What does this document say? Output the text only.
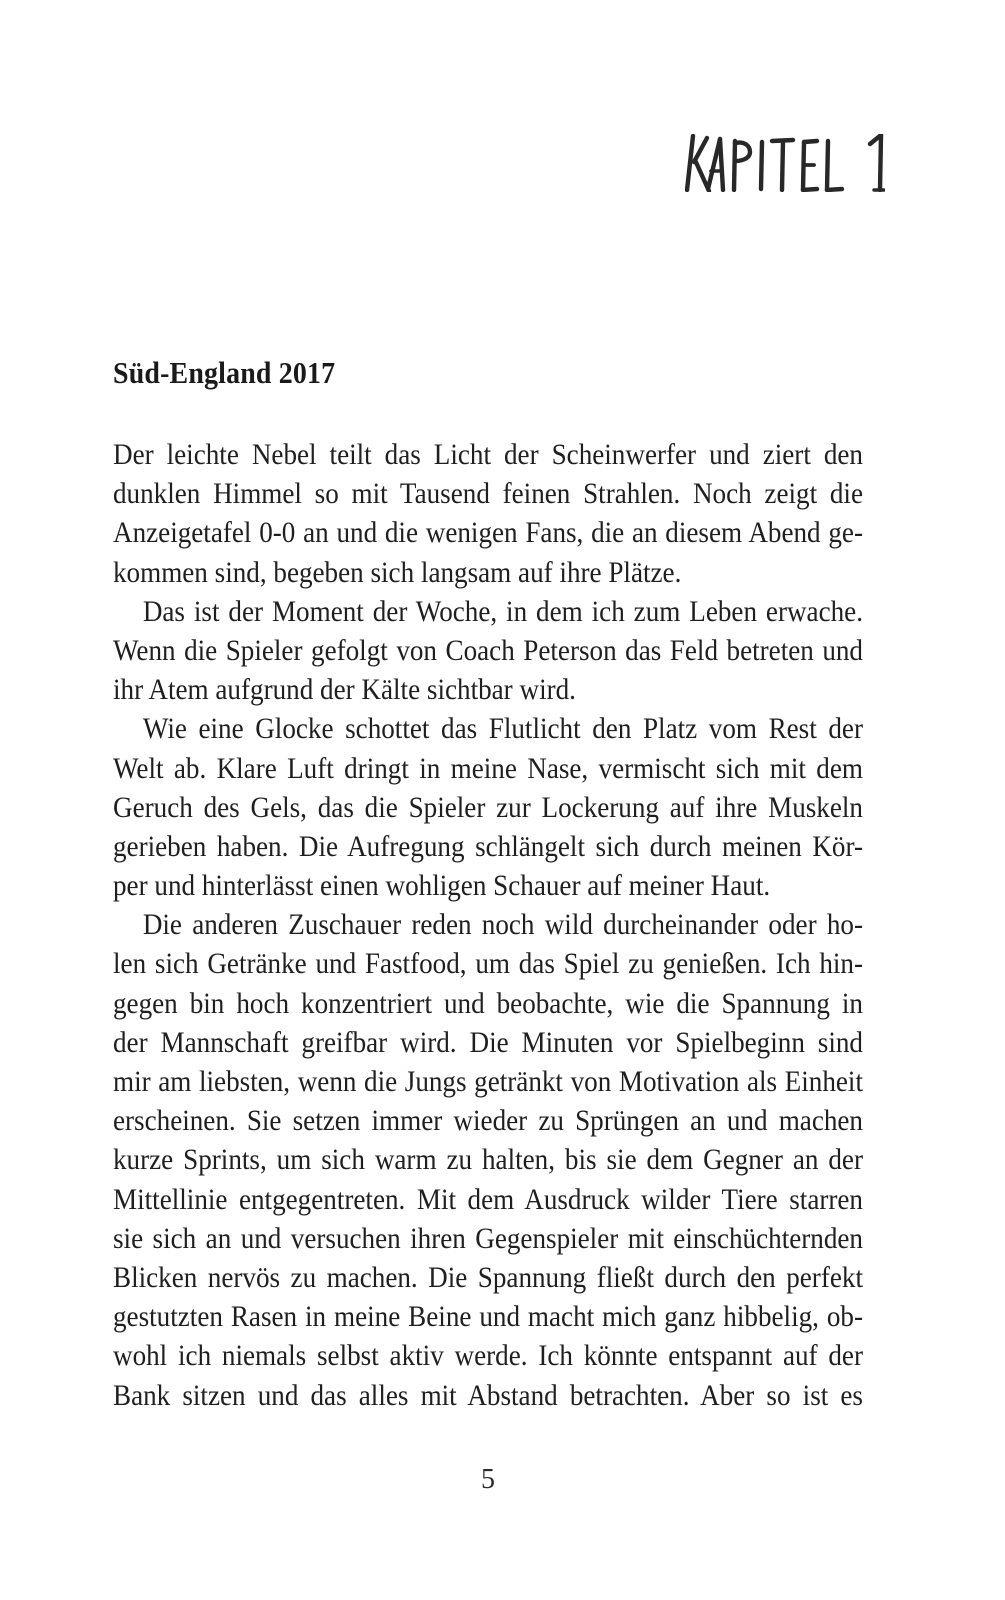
Süd-England 2017
Der leichte Nebel teilt das Licht der Scheinwerfer und ziert den
dunklen Himmel so mit Tausend feinen Strahlen. Noch zeigt die
Anzeigetafel 0-0 an und die wenigen Fans, die an diesem Abend ge-
kommen sind, begeben sich langsam auf ihre Plätze.
Das ist der Moment der Woche, in dem ich zum Leben erwache.
Wenn die Spieler gefolgt von Coach Peterson das Feld betreten und
ihr Atem aufgrund der Kälte sichtbar wird.
Wie eine Glocke schottet das Flutlicht den Platz vom Rest der
Welt ab. Klare Luft dringt in meine Nase, vermischt sich mit dem
Geruch des Gels, das die Spieler zur Lockerung auf ihre Muskeln
gerieben haben. Die Aufregung schlängelt sich durch meinen Kör-
per und hinterlässt einen wohligen Schauer auf meiner Haut.
Die anderen Zuschauer reden noch wild durcheinander oder ho-
len sich Getränke und Fastfood, um das Spiel zu genießen. Ich hin-
gegen bin hoch konzentriert und beobachte, wie die Spannung in
der Mannschaft greifbar wird. Die Minuten vor Spielbeginn sind
mir am liebsten, wenn die Jungs getränkt von Motivation als Einheit
erscheinen. Sie setzen immer wieder zu Sprüngen an und machen
kurze Sprints, um sich warm zu halten, bis sie dem Gegner an der
Mittellinie entgegentreten. Mit dem Ausdruck wilder Tiere starren
sie sich an und versuchen ihren Gegenspieler mit einschüchternden
Blicken nervös zu machen. Die Spannung fließt durch den perfekt
gestutzten Rasen in meine Beine und macht mich ganz hibbelig, ob-
wohl ich niemals selbst aktiv werde. Ich könnte entspannt auf der
Bank sitzen und das alles mit Abstand betrachten. Aber so ist es
5
